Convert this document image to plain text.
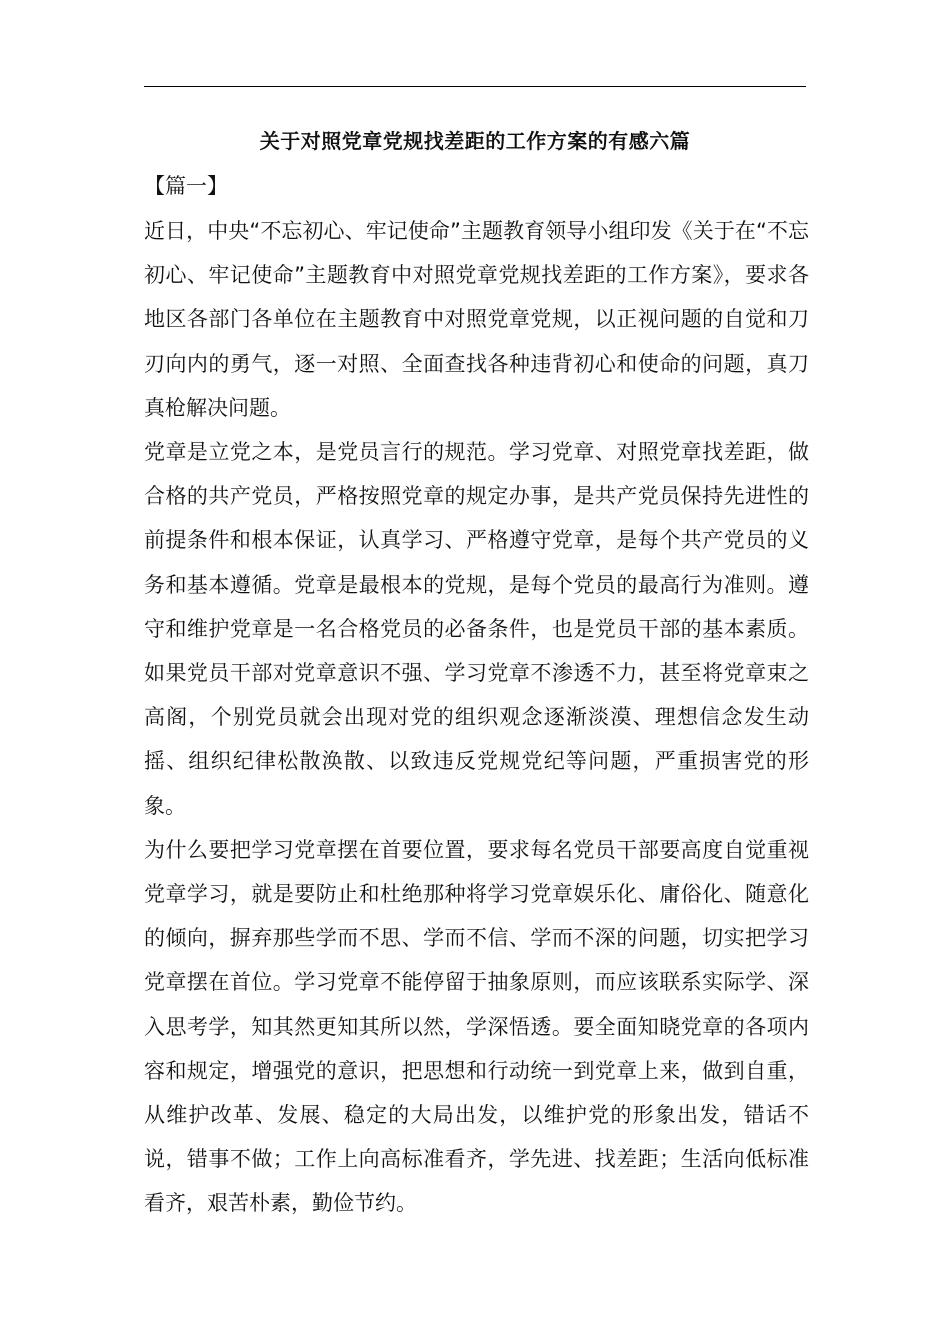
关于对照党章党规找差距的工作方案的有感六篇
【篇一】

近日，中央“不忘初心、牢记使命”主题教育领导小组印发《关于在“不忘初心、牢记使命”主题教育中对照党章党规找差距的工作方案》，要求各地区各部门各单位在主题教育中对照党章党规，以正视问题的自觉和刀刃向内的勇气，逐一对照、全面查找各种违背初心和使命的问题，真刀真枪解决问题。

党章是立党之本，是党员言行的规范。学习党章、对照党章找差距，做合格的共产党员，严格按照党章的规定办事，是共产党员保持先进性的前提条件和根本保证，认真学习、严格遵守党章，是每个共产党员的义务和基本遵循。党章是最根本的党规，是每个党员的最高行为准则。遵守和维护党章是一名合格党员的必备条件，也是党员干部的基本素质。如果党员干部对党章意识不强、学习党章不渗透不力，甚至将党章束之高阁，个别党员就会出现对党的组织观念逐渐淡漠、理想信念发生动摇、组织纪律松散涣散、以致违反党规党纪等问题，严重损害党的形象。

为什么要把学习党章摆在首要位置，要求每名党员干部要高度自觉重视党章学习，就是要防止和杜绝那种将学习党章娱乐化、庸俗化、随意化的倾向，摒弃那些学而不思、学而不信、学而不深的问题，切实把学习党章摆在首位。学习党章不能停留于抽象原则，而应该联系实际学、深入思考学，知其然更知其所以然，学深悟透。要全面知晓党章的各项内容和规定，增强党的意识，把思想和行动统一到党章上来，做到自重，从维护改革、发展、稳定的大局出发，以维护党的形象出发，错话不说，错事不做；工作上向高标准看齐，学先进、找差距；生活向低标准看齐，艰苦朴素，勤俭节约。
